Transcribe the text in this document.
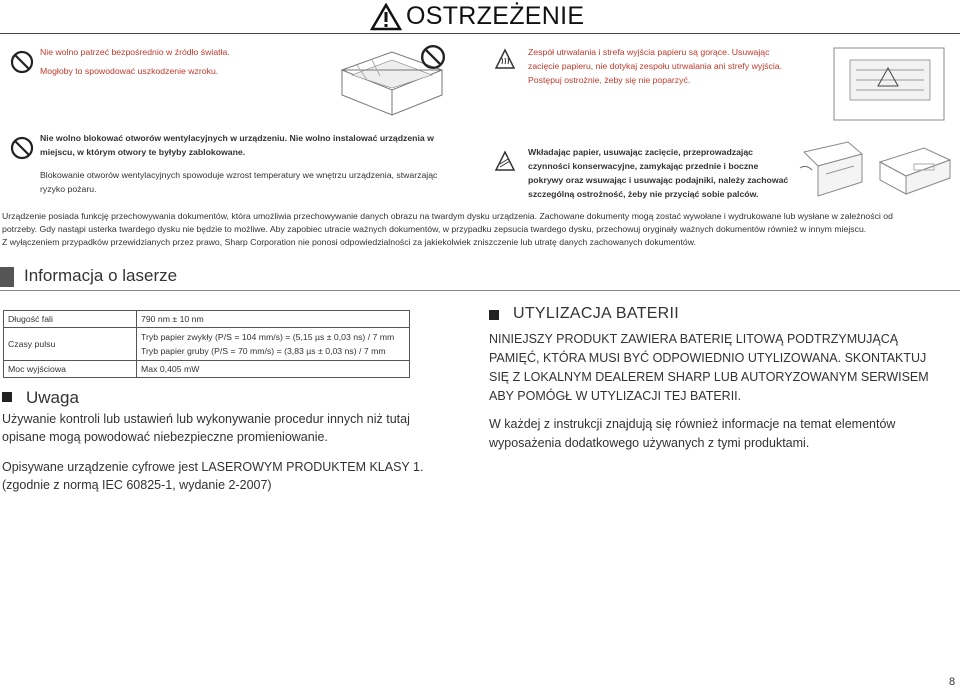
OSTRZEŻENIE
Nie wolno patrzeć bezpośrednio w źródło światła.
Mogłoby to spowodować uszkodzenie wzroku.
Zespół utrwalania i strefa wyjścia papieru są gorące. Usuwając
zacięcie papieru, nie dotykaj zespołu utrwalania ani strefy wyjścia.
Postępuj ostrożnie, żeby się nie poparzyć.
Nie wolno blokować otworów wentylacyjnych w urządzeniu. Nie wolno instalować urządzenia w
miejscu, w którym otwory te byłyby zablokowane.
Blokowanie otworów wentylacyjnych spowoduje wzrost temperatury we wnętrzu urządzenia, stwarzając
ryzyko pożaru.
Wkładając papier, usuwając zacięcie, przeprowadzając
czynności konserwacyjne, zamykając przednie i boczne
pokrywy oraz wsuwając i usuwając podajniki, należy zachować
szczególną ostrożność, żeby nie przyciąć sobie palców.
Urządzenie posiada funkcję przechowywania dokumentów, która umożliwia przechowywanie danych obrazu na twardym dysku urządzenia. Zachowane dokumenty mogą zostać wywołane i wydrukowane lub wysłane w zależności od
potrzeby. Gdy nastąpi usterka twardego dysku nie będzie to możliwe. Aby zapobiec utracie ważnych dokumentów, w przypadku zepsucia twardego dysku, przechowuj oryginały ważnych dokumentów również w innym miejscu.
Z wyłączeniem przypadków przewidzianych przez prawo, Sharp Corporation nie ponosi odpowiedzialności za jakiekolwiek zniszczenie lub utratę danych zachowanych dokumentów.
Informacja o laserze
Długość fali	790 nm ± 10 nm
Czasy pulsu	Tryb papier zwykły (P/S = 104 mm/s) = (5,15 µs ± 0,03 ns) / 7 mm
Tryb papier gruby (P/S = 70 mm/s) = (3,83 µs ± 0,03 ns) / 7 mm

Moc wyjściowa	Max 0,405 mW
Uwaga
Używanie kontroli lub ustawień lub wykonywanie procedur innych niż tutaj opisane mogą powodować niebezpieczne promieniowanie.
Opisywane urządzenie cyfrowe jest LASEROWYM PRODUKTEM KLASY 1.
(zgodnie z normą IEC 60825-1, wydanie 2-2007)
UTYLIZACJA BATERII
NINIEJSZY PRODUKT ZAWIERA BATERIĘ LITOWĄ PODTRZYMUJĄCĄ PAMIĘĆ, KTÓRA MUSI BYĆ ODPOWIEDNIO UTYLIZOWANA. SKONTAKTUJ SIĘ Z LOKALNYM DEALEREM SHARP LUB AUTORYZOWANYM SERWISEM ABY POMÓGŁ W UTYLIZACJI TEJ BATERII.
W każdej z instrukcji znajdują się również informacje na temat elementów wyposażenia dodatkowego używanych z tymi produktami.
8
